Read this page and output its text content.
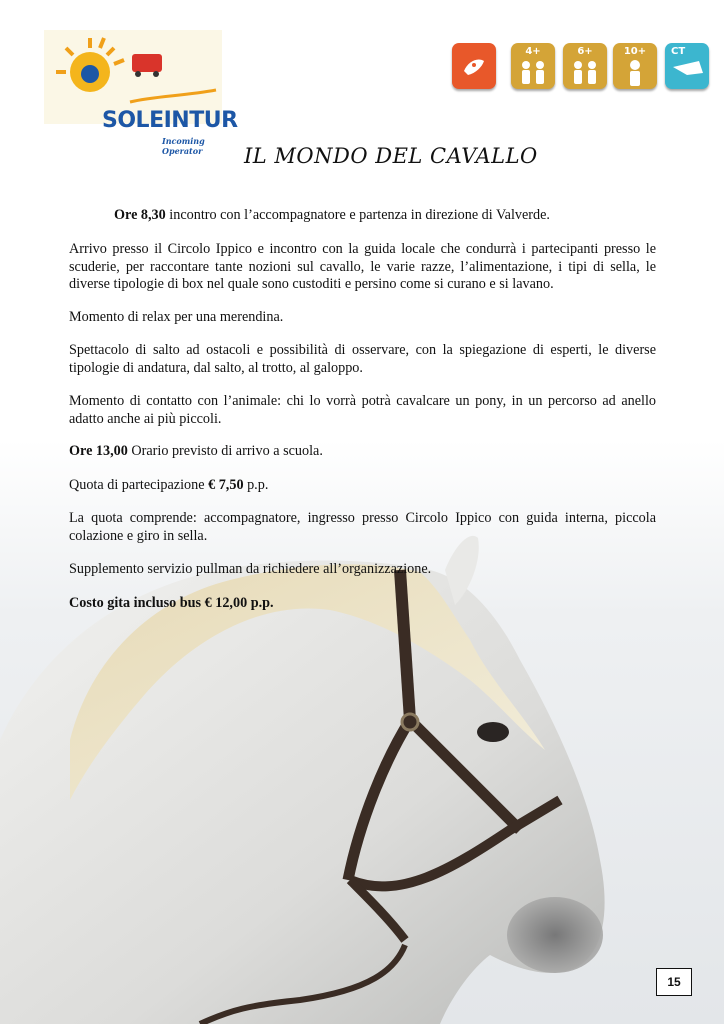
SOLEINTUR
Incoming Operator
4+	6+	10+	CT
IL MONDO DEL CAVALLO

Ore 8,30 incontro con l’accompagnatore e partenza in direzione di Valverde.

Arrivo presso il Circolo Ippico e incontro con la guida locale che condurrà i partecipanti presso le scuderie, per raccontare tante nozioni sul cavallo, le varie razze, l’alimentazione, i tipi di sella, le diverse tipologie di box nel quale sono custoditi e persino come si curano e si lavano.

Momento di relax per una merendina.

Spettacolo di salto ad ostacoli e possibilità di osservare, con la spiegazione di esperti, le diverse tipologie di andatura, dal salto, al trotto, al galoppo.

Momento di contatto con l’animale: chi lo vorrà potrà cavalcare un pony, in un percorso ad anello adatto anche ai più piccoli.

Ore 13,00 Orario previsto di arrivo a scuola.

Quota di partecipazione € 7,50 p.p.

La quota comprende: accompagnatore, ingresso presso Circolo Ippico con guida interna, piccola colazione e giro in sella.

Supplemento servizio pullman da richiedere all’organizzazione.

Costo gita incluso bus € 12,00 p.p.

15
